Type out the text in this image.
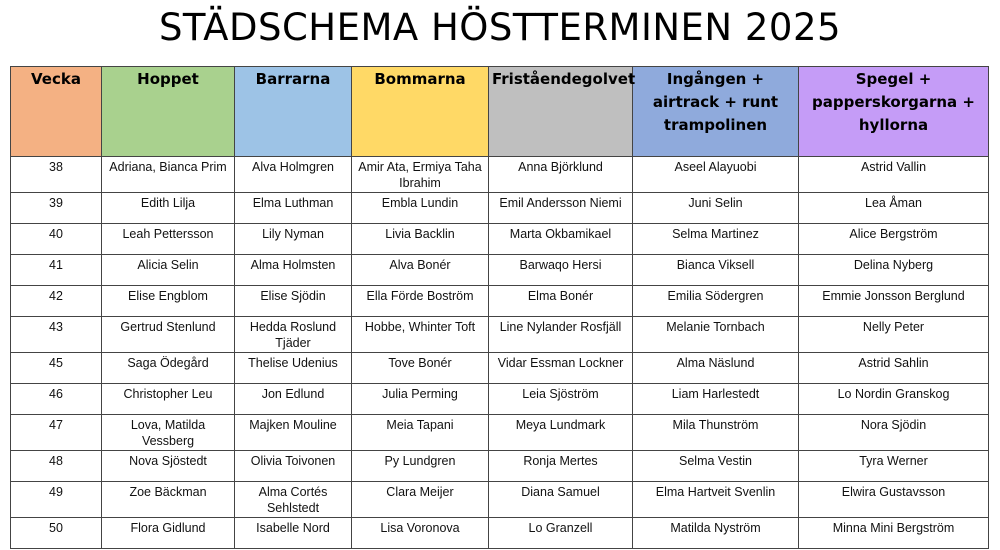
STÄDSCHEMA HÖSTTERMINEN 2025
Vecka	Hoppet	Barrarna	Bommarna	Friståendegolvet	Ingången + airtrack + runt trampolinen	Spegel + papperskorgarna + hyllorna
38	Adriana, Bianca Prim	Alva Holmgren	Amir Ata, Ermiya Taha Ibrahim	Anna Björklund	Aseel Alayuobi	Astrid Vallin
39	Edith Lilja	Elma Luthman	Embla Lundin	Emil Andersson Niemi	Juni Selin	Lea Åman
40	Leah Pettersson	Lily Nyman	Livia Backlin	Marta Okbamikael	Selma Martinez	Alice Bergström
41	Alicia Selin	Alma Holmsten	Alva Bonér	Barwaqo Hersi	Bianca Viksell	Delina Nyberg
42	Elise Engblom	Elise Sjödin	Ella Förde Boström	Elma Bonér	Emilia Södergren	Emmie Jonsson Berglund
43	Gertrud Stenlund	Hedda Roslund Tjäder	Hobbe, Whinter Toft	Line Nylander Rosfjäll	Melanie Tornbach	Nelly Peter
45	Saga Ödegård	Thelise Udenius	Tove Bonér	Vidar Essman Lockner	Alma Näslund	Astrid Sahlin
46	Christopher Leu	Jon Edlund	Julia Perming	Leia Sjöström	Liam Harlestedt	Lo Nordin Granskog
47	Lova, Matilda Vessberg	Majken Mouline	Meia Tapani	Meya Lundmark	Mila Thunström	Nora Sjödin
48	Nova Sjöstedt	Olivia Toivonen	Py Lundgren	Ronja Mertes	Selma Vestin	Tyra Werner
49	Zoe Bäckman	Alma Cortés Sehlstedt	Clara Meijer	Diana Samuel	Elma Hartveit Svenlin	Elwira Gustavsson
50	Flora Gidlund	Isabelle Nord	Lisa Voronova	Lo Granzell	Matilda Nyström	Minna Mini Bergström
